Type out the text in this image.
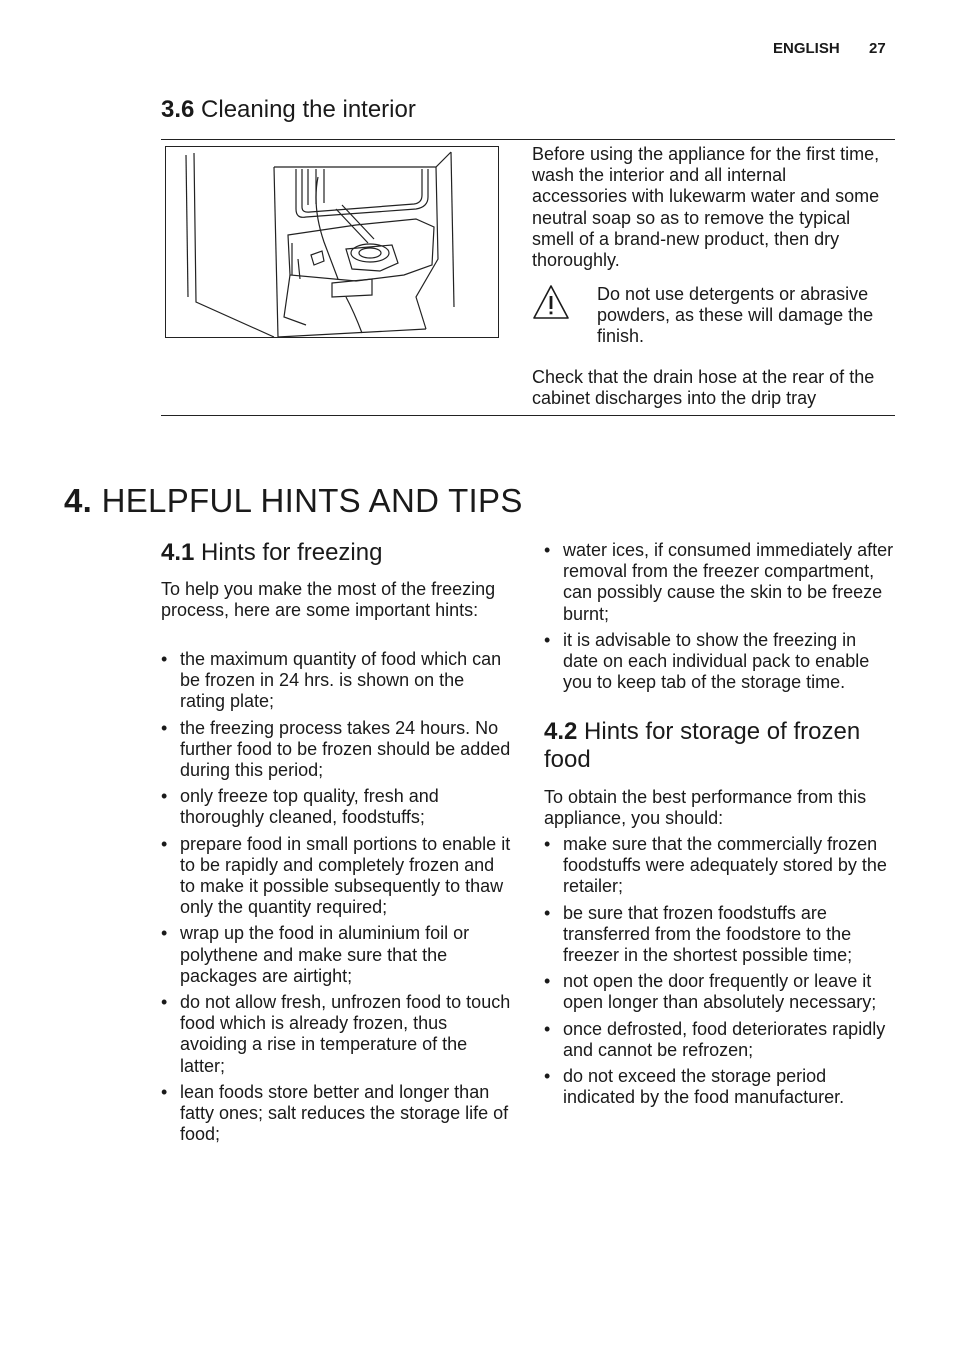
ENGLISH 27
3.6 Cleaning the interior
Before using the appliance for the first time, wash the interior and all internal accessories with lukewarm water and some neutral soap so as to remove the typical smell of a brand-new product, then dry thoroughly.
Do not use detergents or abrasive powders, as these will damage the finish.
Check that the drain hose at the rear of the cabinet discharges into the drip tray
4. HELPFUL HINTS AND TIPS
4.1 Hints for freezing
To help you make the most of the freezing process, here are some important hints:
• the maximum quantity of food which can be frozen in 24 hrs. is shown on the rating plate;
• the freezing process takes 24 hours. No further food to be frozen should be added during this period;
• only freeze top quality, fresh and thoroughly cleaned, foodstuffs;
• prepare food in small portions to enable it to be rapidly and completely frozen and to make it possible subsequently to thaw only the quantity required;
• wrap up the food in aluminium foil or polythene and make sure that the packages are airtight;
• do not allow fresh, unfrozen food to touch food which is already frozen, thus avoiding a rise in temperature of the latter;
• lean foods store better and longer than fatty ones; salt reduces the storage life of food;
• water ices, if consumed immediately after removal from the freezer compartment, can possibly cause the skin to be freeze burnt;
• it is advisable to show the freezing in date on each individual pack to enable you to keep tab of the storage time.
4.2 Hints for storage of frozen food
To obtain the best performance from this appliance, you should:
• make sure that the commercially frozen foodstuffs were adequately stored by the retailer;
• be sure that frozen foodstuffs are transferred from the foodstore to the freezer in the shortest possible time;
• not open the door frequently or leave it open longer than absolutely necessary;
• once defrosted, food deteriorates rapidly and cannot be refrozen;
• do not exceed the storage period indicated by the food manufacturer.
